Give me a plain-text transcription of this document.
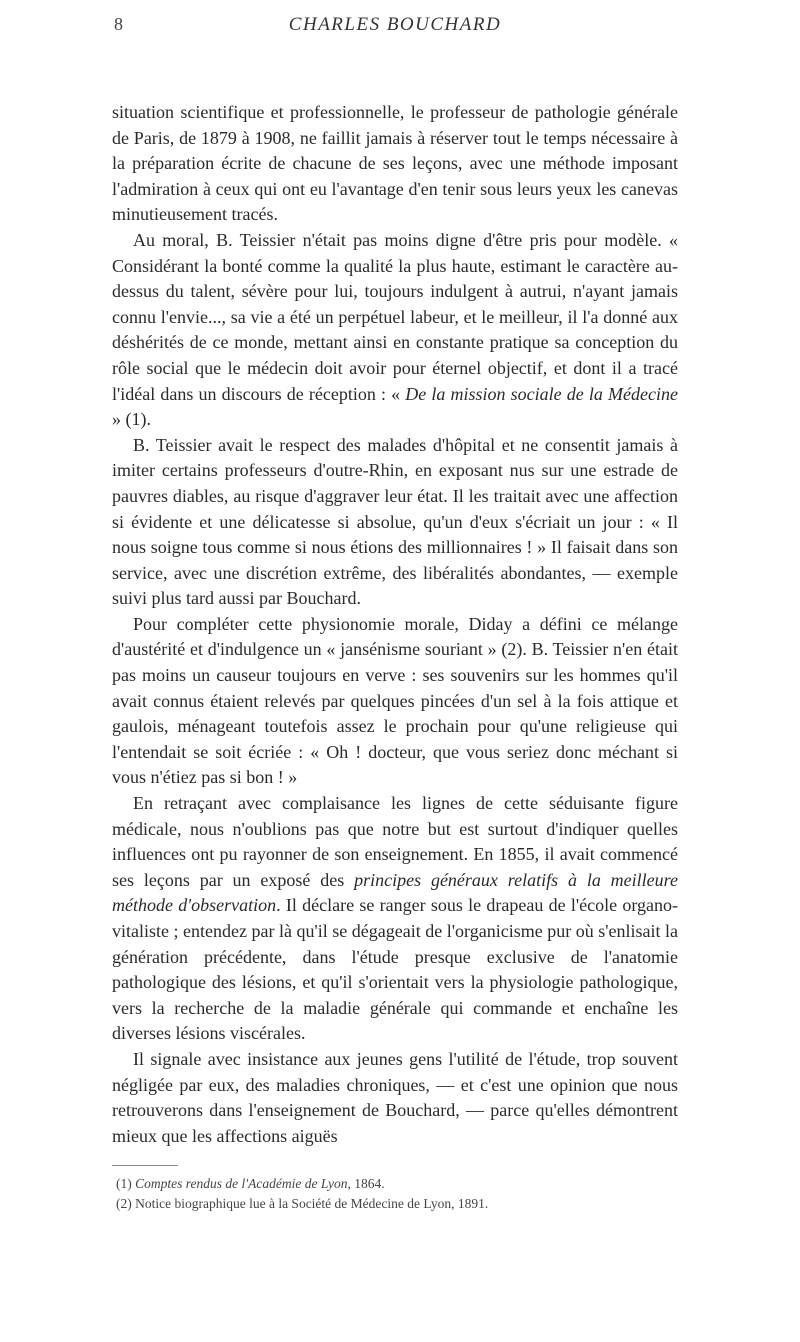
8	CHARLES BOUCHARD

situation scientifique et professionnelle, le professeur de pathologie générale de Paris, de 1879 à 1908, ne faillit jamais à réserver tout le temps nécessaire à la préparation écrite de chacune de ses leçons, avec une méthode imposant l'admiration à ceux qui ont eu l'avantage d'en tenir sous leurs yeux les canevas minutieusement tracés.

Au moral, B. Teissier n'était pas moins digne d'être pris pour modèle. « Considérant la bonté comme la qualité la plus haute, estimant le caractère au-dessus du talent, sévère pour lui, toujours indulgent à autrui, n'ayant jamais connu l'envie..., sa vie a été un perpétuel labeur, et le meilleur, il l'a donné aux déshérités de ce monde, mettant ainsi en constante pratique sa conception du rôle social que le médecin doit avoir pour éternel objectif, et dont il a tracé l'idéal dans un discours de réception : « De la mission sociale de la Médecine » (1).

B. Teissier avait le respect des malades d'hôpital et ne consentit jamais à imiter certains professeurs d'outre-Rhin, en exposant nus sur une estrade de pauvres diables, au risque d'aggraver leur état. Il les traitait avec une affection si évidente et une délicatesse si absolue, qu'un d'eux s'écriait un jour : « Il nous soigne tous comme si nous étions des millionnaires ! » Il faisait dans son service, avec une discrétion extrême, des libéralités abondantes, — exemple suivi plus tard aussi par Bouchard.

Pour compléter cette physionomie morale, Diday a défini ce mélange d'austérité et d'indulgence un « jansénisme souriant » (2). B. Teissier n'en était pas moins un causeur toujours en verve : ses souvenirs sur les hommes qu'il avait connus étaient relevés par quelques pincées d'un sel à la fois attique et gaulois, ménageant toutefois assez le prochain pour qu'une religieuse qui l'entendait se soit écriée : « Oh ! docteur, que vous seriez donc méchant si vous n'étiez pas si bon ! »

En retraçant avec complaisance les lignes de cette séduisante figure médicale, nous n'oublions pas que notre but est surtout d'indiquer quelles influences ont pu rayonner de son enseignement. En 1855, il avait commencé ses leçons par un exposé des principes généraux relatifs à la meilleure méthode d'observation. Il déclare se ranger sous le drapeau de l'école organo-vitaliste ; entendez par là qu'il se dégageait de l'organicisme pur où s'enlisait la génération précédente, dans l'étude presque exclusive de l'anatomie pathologique des lésions, et qu'il s'orientait vers la physiologie pathologique, vers la recherche de la maladie générale qui commande et enchaîne les diverses lésions viscérales.

Il signale avec insistance aux jeunes gens l'utilité de l'étude, trop souvent négligée par eux, des maladies chroniques, — et c'est une opinion que nous retrouverons dans l'enseignement de Bouchard, — parce qu'elles démontrent mieux que les affections aiguës

(1) Comptes rendus de l'Académie de Lyon, 1864.

(2) Notice biographique lue à la Société de Médecine de Lyon, 1891.
